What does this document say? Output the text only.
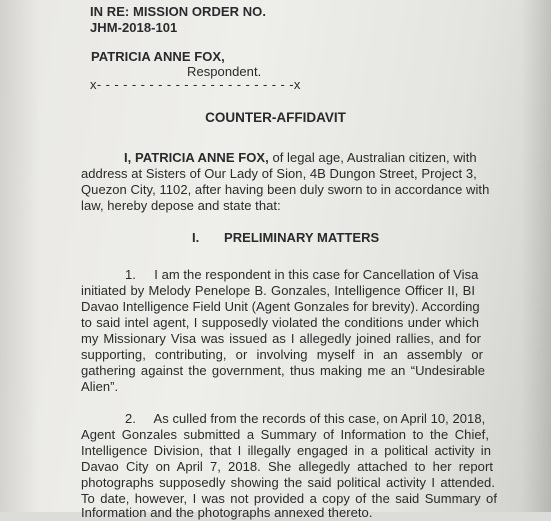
IN RE: MISSION ORDER NO.
JHM-2018-101
PATRICIA ANNE FOX,
Respondent.
x- - - - - - - - - - - - - - - - - - - - - - -x
COUNTER-AFFIDAVIT
I, PATRICIA ANNE FOX, of legal age, Australian citizen, with
address at Sisters of Our Lady of Sion, 4B Dungon Street, Project 3,
Quezon City, 1102, after having been duly sworn to in accordance with
law, hereby depose and state that:
I. PRELIMINARY MATTERS
1.     I am the respondent in this case for Cancellation of Visa
initiated by Melody Penelope B. Gonzales, Intelligence Officer II, BI
Davao Intelligence Field Unit (Agent Gonzales for brevity). According
to said intel agent, I supposedly violated the conditions under which
my Missionary Visa was issued as I allegedly joined rallies, and for
supporting, contributing, or involving myself in an assembly or
gathering against the government, thus making me an “Undesirable
Alien”.
2.     As culled from the records of this case, on April 10, 2018,
Agent Gonzales submitted a Summary of Information to the Chief,
Intelligence Division, that I illegally engaged in a political activity in
Davao City on April 7, 2018. She allegedly attached to her report
photographs supposedly showing the said political activity I attended.
To date, however, I was not provided a copy of the said Summary of
Information and the photographs annexed thereto.
